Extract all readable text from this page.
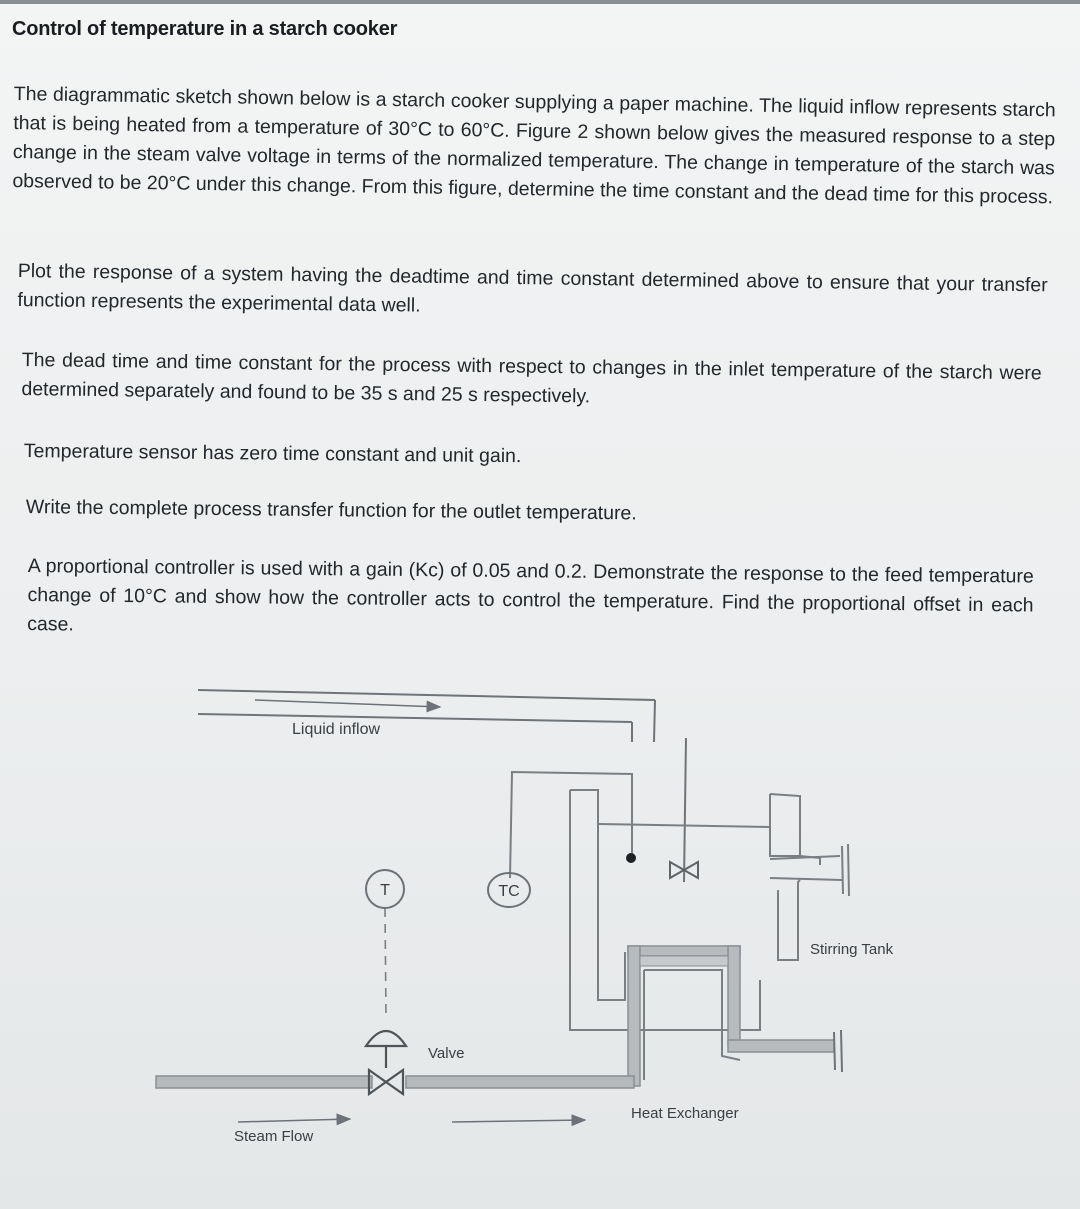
Control of temperature in a starch cooker
The diagrammatic sketch shown below is a starch cooker supplying a paper machine. The liquid inflow represents starch that is being heated from a temperature of 30°C to 60°C. Figure 2 shown below gives the measured response to a step change in the steam valve voltage in terms of the normalized temperature. The change in temperature of the starch was observed to be 20°C under this change. From this figure, determine the time constant and the dead time for this process.
Plot the response of a system having the deadtime and time constant determined above to ensure that your transfer function represents the experimental data well.
The dead time and time constant for the process with respect to changes in the inlet temperature of the starch were determined separately and found to be 35 s and 25 s respectively.
Temperature sensor has zero time constant and unit gain.
Write the complete process transfer function for the outlet temperature.
A proportional controller is used with a gain (Kc) of 0.05 and 0.2. Demonstrate the response to the feed temperature change of 10°C and show how the controller acts to control the temperature. Find the proportional offset in each case.
Liquid inflow
Steam Flow
Valve
T	TC
Stirring Tank
Heat Exchanger
